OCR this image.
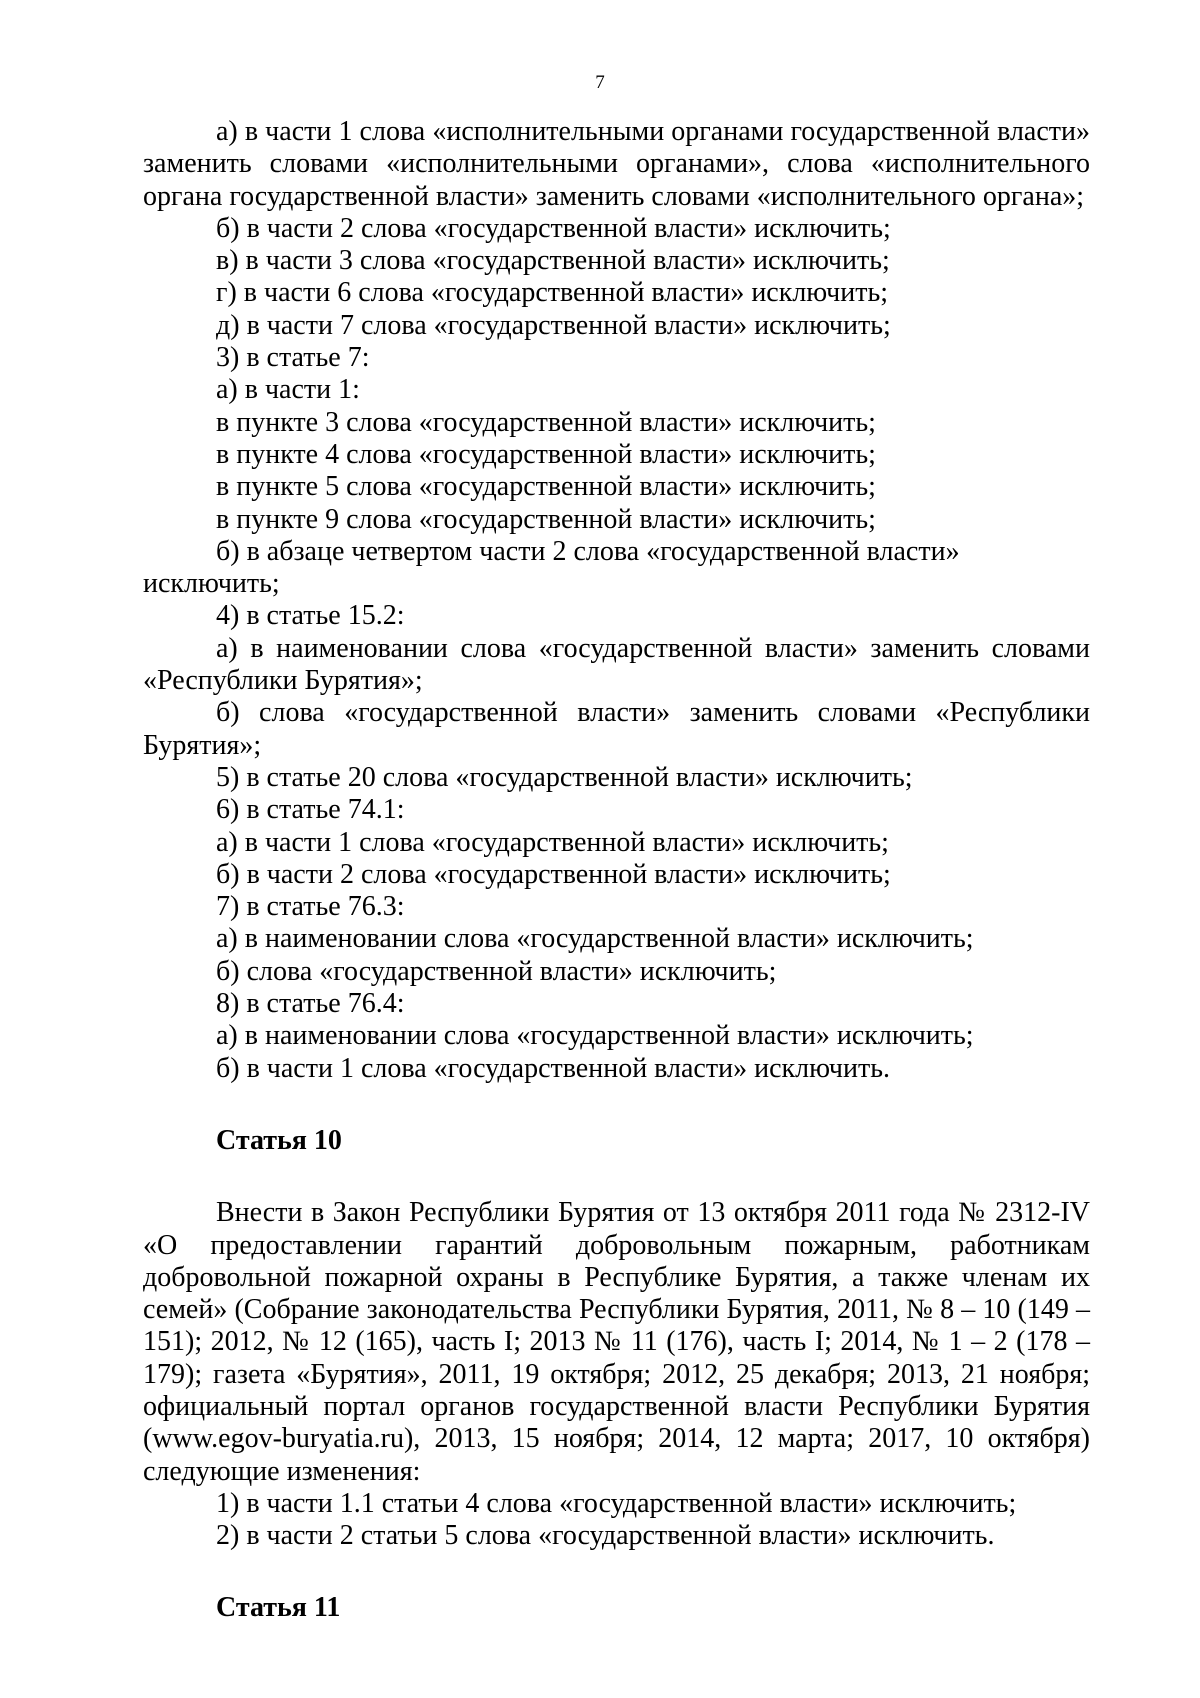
7

а) в части 1 слова «исполнительными органами государственной власти» заменить словами «исполнительными органами», слова «исполнительного органа государственной власти» заменить словами «исполнительного органа»;

б) в части 2 слова «государственной власти» исключить;

в) в части 3 слова «государственной власти» исключить;

г) в части 6 слова «государственной власти» исключить;

д) в части 7 слова «государственной власти» исключить;

3) в статье 7:

а) в части 1:

в пункте 3 слова «государственной власти» исключить;

в пункте 4 слова «государственной власти» исключить;

в пункте 5 слова «государственной власти» исключить;

в пункте 9 слова «государственной власти» исключить;

б) в абзаце четвертом части 2 слова «государственной власти» исключить;

4) в статье 15.2:

а) в наименовании слова «государственной власти» заменить словами «Республики Бурятия»;

б) слова «государственной власти» заменить словами «Республики Бурятия»;

5) в статье 20 слова «государственной власти» исключить;

6) в статье 74.1:

а) в части 1 слова «государственной власти» исключить;

б) в части 2 слова «государственной власти» исключить;

7) в статье 76.3:

а) в наименовании слова «государственной власти» исключить;

б) слова «государственной власти» исключить;

8) в статье 76.4:

а) в наименовании слова «государственной власти» исключить;

б) в части 1 слова «государственной власти» исключить.

Статья 10

Внести в Закон Республики Бурятия от 13 октября 2011 года № 2312-IV «О предоставлении гарантий добровольным пожарным, работникам добровольной пожарной охраны в Республике Бурятия, а также членам их семей» (Собрание законодательства Республики Бурятия, 2011, № 8 – 10 (149 – 151); 2012, № 12 (165), часть I; 2013 № 11 (176), часть I; 2014, № 1 – 2 (178 – 179); газета «Бурятия», 2011, 19 октября; 2012, 25 декабря; 2013, 21 ноября; официальный портал органов государственной власти Республики Бурятия (www.egov-buryatia.ru), 2013, 15 ноября; 2014, 12 марта; 2017, 10 октября) следующие изменения:

1) в части 1.1 статьи 4 слова «государственной власти» исключить;

2) в части 2 статьи 5 слова «государственной власти» исключить.

Статья 11
